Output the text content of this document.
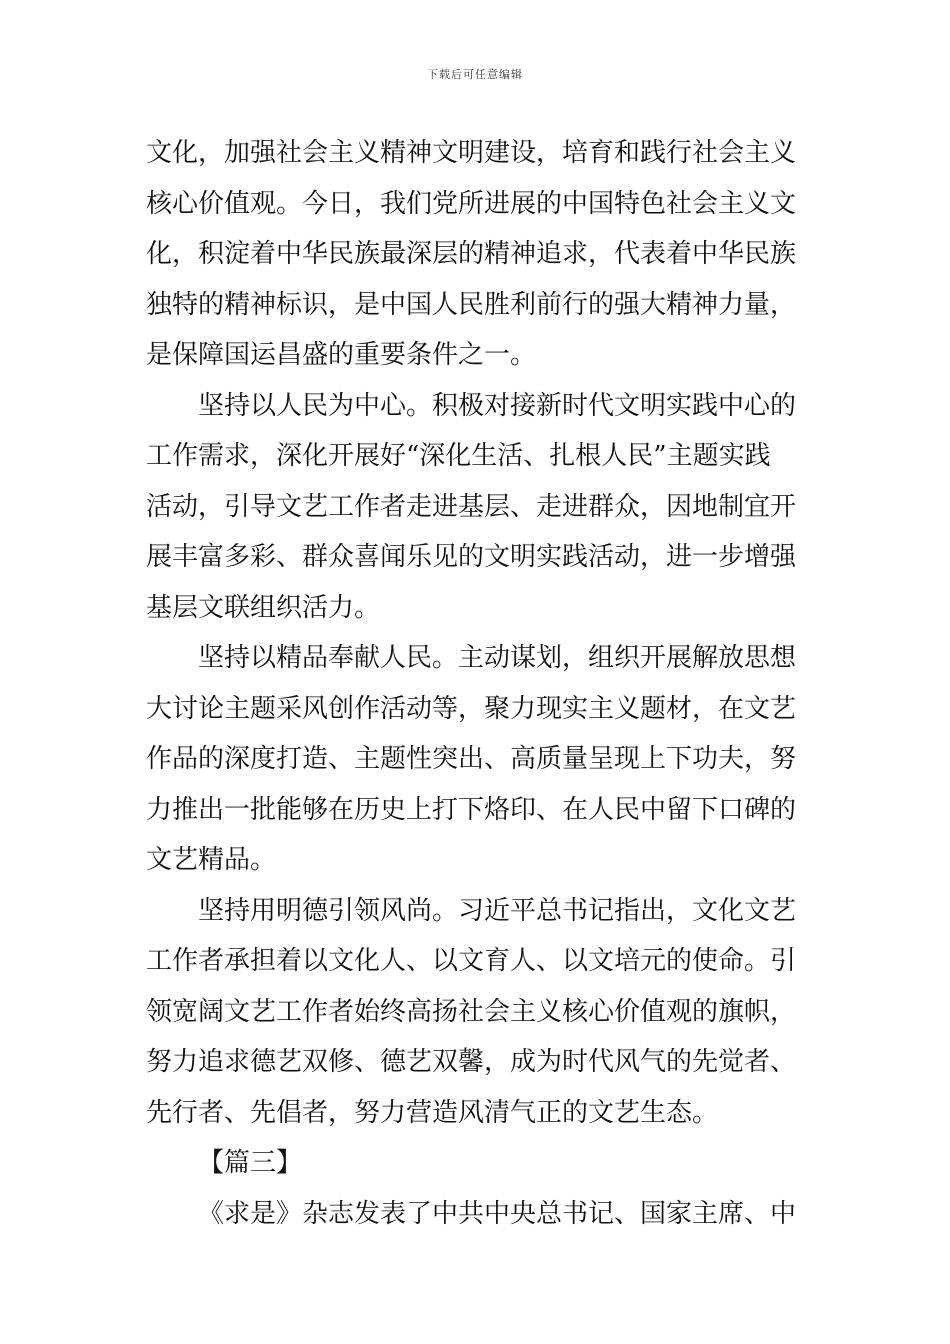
下载后可任意编辑
文化，加强社会主义精神文明建设，培育和践行社会主义
核心价值观。今日，我们党所进展的中国特色社会主义文
化，积淀着中华民族最深层的精神追求，代表着中华民族
独特的精神标识，是中国人民胜利前行的强大精神力量，
是保障国运昌盛的重要条件之一。
坚持以人民为中心。积极对接新时代文明实践中心的
工作需求，深化开展好“深化生活、扎根人民”主题实践
活动，引导文艺工作者走进基层、走进群众，因地制宜开
展丰富多彩、群众喜闻乐见的文明实践活动，进一步增强
基层文联组织活力。
坚持以精品奉献人民。主动谋划，组织开展解放思想
大讨论主题采风创作活动等，聚力现实主义题材，在文艺
作品的深度打造、主题性突出、高质量呈现上下功夫，努
力推出一批能够在历史上打下烙印、在人民中留下口碑的
文艺精品。
坚持用明德引领风尚。习近平总书记指出，文化文艺
工作者承担着以文化人、以文育人、以文培元的使命。引
领宽阔文艺工作者始终高扬社会主义核心价值观的旗帜，
努力追求德艺双修、德艺双馨，成为时代风气的先觉者、
先行者、先倡者，努力营造风清气正的文艺生态。
【篇三】
《求是》杂志发表了中共中央总书记、国家主席、中
